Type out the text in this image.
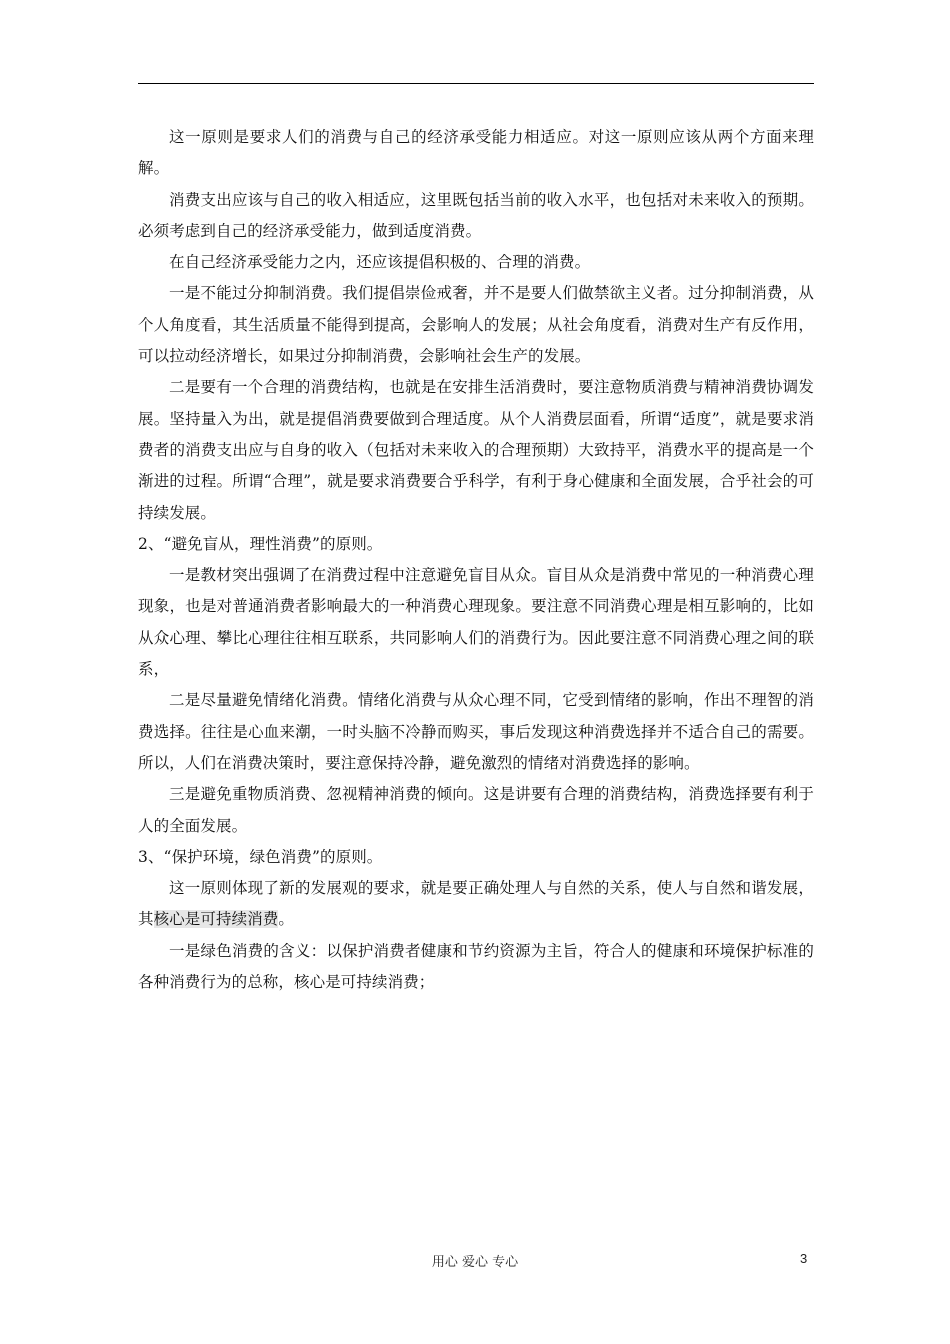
这一原则是要求人们的消费与自己的经济承受能力相适应。对这一原则应该从两个方面来理解。

消费支出应该与自己的收入相适应，这里既包括当前的收入水平，也包括对未来收入的预期。必须考虑到自己的经济承受能力，做到适度消费。

在自己经济承受能力之内，还应该提倡积极的、合理的消费。

一是不能过分抑制消费。我们提倡崇俭戒奢，并不是要人们做禁欲主义者。过分抑制消费，从个人角度看，其生活质量不能得到提高，会影响人的发展；从社会角度看，消费对生产有反作用，可以拉动经济增长，如果过分抑制消费，会影响社会生产的发展。

二是要有一个合理的消费结构，也就是在安排生活消费时，要注意物质消费与精神消费协调发展。坚持量入为出，就是提倡消费要做到合理适度。从个人消费层面看，所谓“适度”，就是要求消费者的消费支出应与自身的收入（包括对未来收入的合理预期）大致持平，消费水平的提高是一个渐进的过程。所谓“合理”，就是要求消费要合乎科学，有利于身心健康和全面发展，合乎社会的可持续发展。

2、“避免盲从，理性消费”的原则。

一是教材突出强调了在消费过程中注意避免盲目从众。盲目从众是消费中常见的一种消费心理现象，也是对普通消费者影响最大的一种消费心理现象。要注意不同消费心理是相互影响的，比如从众心理、攀比心理往往相互联系，共同影响人们的消费行为。因此要注意不同消费心理之间的联系，

二是尽量避免情绪化消费。情绪化消费与从众心理不同，它受到情绪的影响，作出不理智的消费选择。往往是心血来潮，一时头脑不冷静而购买，事后发现这种消费选择并不适合自己的需要。所以，人们在消费决策时，要注意保持冷静，避免激烈的情绪对消费选择的影响。

三是避免重物质消费、忽视精神消费的倾向。这是讲要有合理的消费结构，消费选择要有利于人的全面发展。

3、“保护环境，绿色消费”的原则。

这一原则体现了新的发展观的要求，就是要正确处理人与自然的关系，使人与自然和谐发展，其核心是可持续消费。

一是绿色消费的含义：以保护消费者健康和节约资源为主旨，符合人的健康和环境保护标准的各种消费行为的总称，核心是可持续消费；

用心 爱心 专心	3
